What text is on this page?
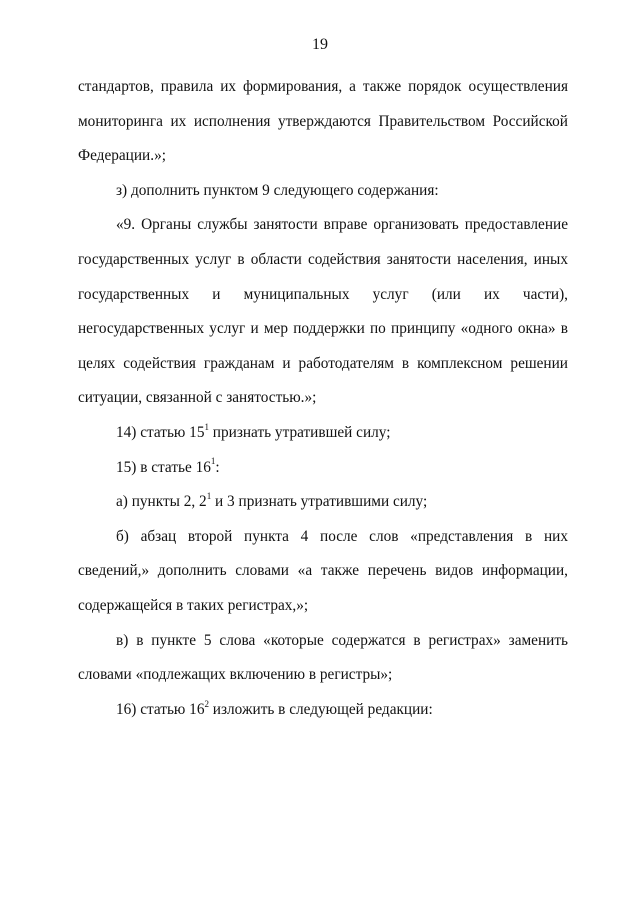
19

стандартов, правила их формирования, а также порядок осуществления мониторинга их исполнения утверждаются Правительством Российской Федерации.»;

з) дополнить пунктом 9 следующего содержания:

«9. Органы службы занятости вправе организовать предоставление государственных услуг в области содействия занятости населения, иных
государственных и муниципальных услуг (или их части),
негосударственных услуг и мер поддержки по принципу «одного окна» в целях содействия гражданам и работодателям в комплексном решении ситуации, связанной с занятостью.»;

14) статью $15^1$ признать утратившей силу;

15) в статье $16^1$:

а) пункты 2, $2^1$ и 3 признать утратившими силу;

б) абзац второй пункта 4 после слов «представления в них сведений,» дополнить словами «а также перечень видов информации, содержащейся в таких регистрах,»;

в) в пункте 5 слова «которые содержатся в регистрах» заменить словами «подлежащих включению в регистры»;

16) статью $16^2$ изложить в следующей редакции:
